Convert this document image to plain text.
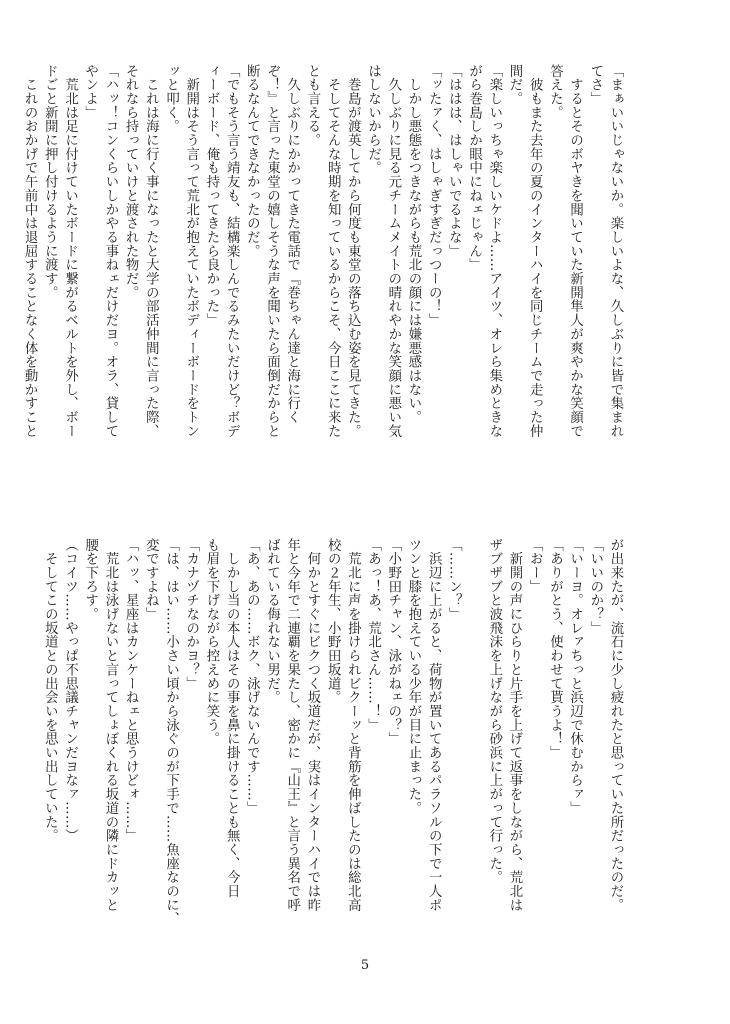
「まぁいいじゃないか。楽しいよな、久しぶりに皆で集まれ
てさ」
　するとそのボヤきを聞いていた新開隼人が爽やかな笑顔で
答えた。
　彼もまた去年の夏のインターハイを同じチームで走った仲
間だ。
「楽しいっちゃ楽しいケドよ……アイツ、オレら集めときな
がら巻島しか眼中にねェじゃん」
「ははは、はしゃいでるよな」
「ッたァく、はしゃぎすぎだっつーの！」
　しかし悪態をつきながらも荒北の顔には嫌悪感はない。
　久しぶりに見る元チームメイトの晴れやかな笑顔に悪い気
はしないからだ。
　巻島が渡英してから何度も東堂の落ち込む姿を見てきた。
　そしてそんな時期を知っているからこそ、今日ここに来た
とも言える。
　久しぶりにかかってきた電話で『巻ちゃん達と海に行く
ぞ！』と言った東堂の嬉しそうな声を聞いたら面倒だからと
断るなんてできなかったのだ。
「でもそう言う靖友も、結構楽しんでるみたいだけど？ボデ
ィーボード、俺も持ってきたら良かった」
　新開はそう言って荒北が抱えていたボディーボードをトン
ッと叩く。
　これは海に行く事になったと大学の部活仲間に言った際、
それなら持っていけと渡された物だ。
「ハッ！コンくらいしかやる事ねェだけだヨ。オラ、貸して
やンよ」
　荒北は足に付けていたボードに繋がるベルトを外し、ボー
ドごと新開に押し付けるように渡す。
　これのおかげで午前中は退屈することなく体を動かすこと
が出来たが、流石に少し疲れたと思っていた所だったのだ。
「いいのか？」
「いーヨ。オレァちっと浜辺で休むからァ」
「ありがとう、使わせて貰うよ！」
「おー」
　新開の声にひらりと片手を上げて返事をしながら、荒北は
ザブザブと波飛沫を上げながら砂浜に上がって行った。
「……ン？」
　浜辺に上がると、荷物が置いてあるパラソルの下で一人ポ
ツンと膝を抱えている少年が目に止まった。
「小野田チャン、泳がねェの？」
「あっ！あ、荒北さん……！」
　荒北に声を掛けられビクーッと背筋を伸ばしたのは総北高
校の２年生、小野田坂道。
　何かとすぐにビクつく坂道だが、実はインターハイでは昨
年と今年で二連覇を果たし、密かに『山王』と言う異名で呼
ばれている侮れない男だ。
「あ、あの……ボク、泳げないんです……」
　しかし当の本人はその事を鼻に掛けることも無く、今日
も眉を下げながら控えめに笑う。
「カナヅチなのかヨ？」
「は、はい……小さい頃から泳ぐのが下手で……魚座なのに、
変ですよね」
「ハッ、星座はカンケーねェと思うけどォ……」
　荒北は泳げないと言ってしょぼくれる坂道の隣にドカッと
腰を下ろす。
（コイツ……やっぱ不思議チャンだヨなァ……）
　そしてこの坂道との出会いを思い出していた。
5
